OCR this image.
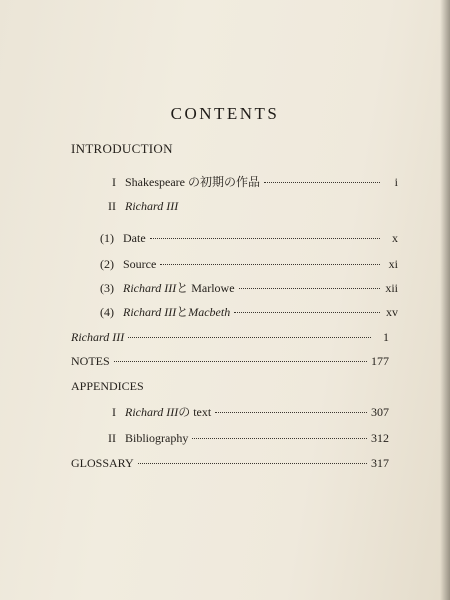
CONTENTS
INTRODUCTION
I Shakespeare の初期の作品	i
II Richard III
(1) Date	x
(2) Source	xi
(3) Richard III と Marlowe	xii
(4) Richard III と Macbeth	xv
Richard III	1
NOTES	177
APPENDICES
I Richard III の text	307
II Bibliography	312
GLOSSARY	317
